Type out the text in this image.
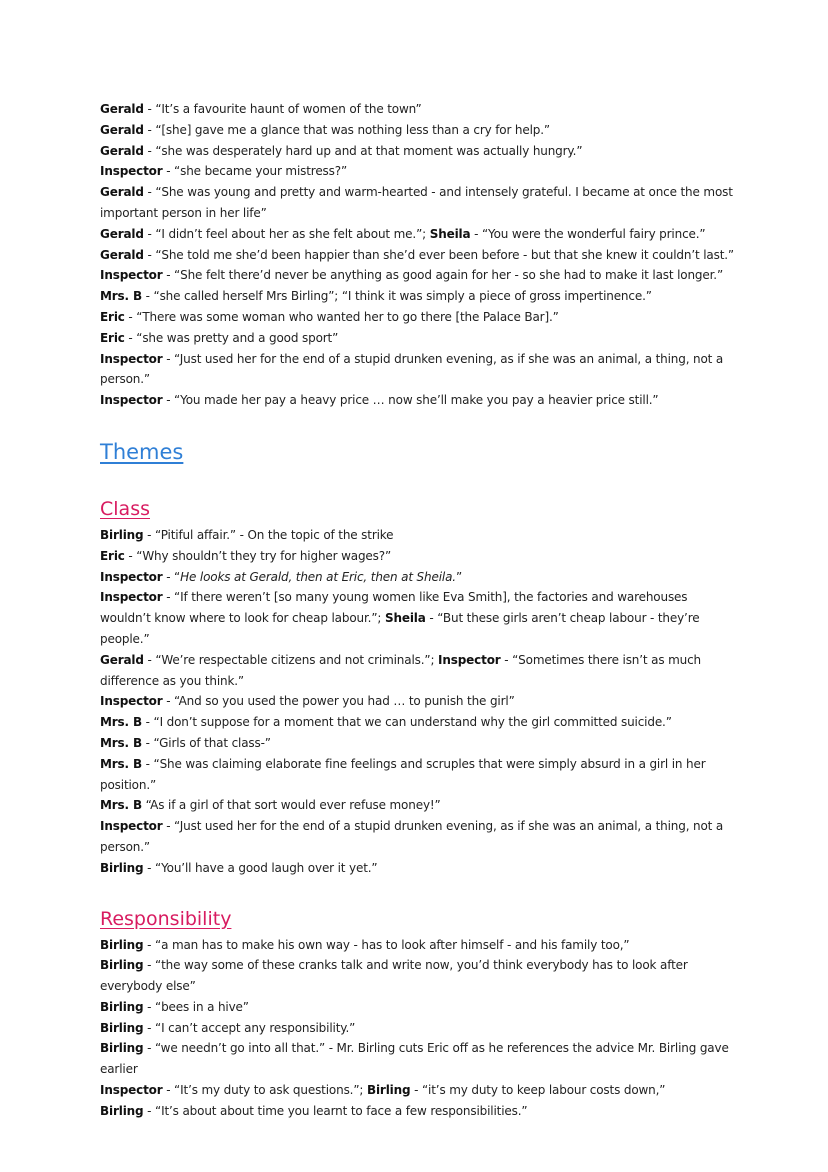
Gerald - “It’s a favourite haunt of women of the town”
Gerald - “[she] gave me a glance that was nothing less than a cry for help.”
Gerald - “she was desperately hard up and at that moment was actually hungry.”
Inspector - “she became your mistress?”
Gerald - “She was young and pretty and warm-hearted - and intensely grateful. I became at once the most important person in her life”
Gerald - “I didn’t feel about her as she felt about me.”; Sheila - “You were the wonderful fairy prince.”
Gerald - “She told me she’d been happier than she’d ever been before - but that she knew it couldn’t last.”
Inspector - “She felt there’d never be anything as good again for her - so she had to make it last longer.”
Mrs. B - “she called herself Mrs Birling”; “I think it was simply a piece of gross impertinence.”
Eric - “There was some woman who wanted her to go there [the Palace Bar].”
Eric - “she was pretty and a good sport”
Inspector - “Just used her for the end of a stupid drunken evening, as if she was an animal, a thing, not a person.”
Inspector - “You made her pay a heavy price … now she’ll make you pay a heavier price still.”
Themes
Class
Birling - “Pitiful affair.” - On the topic of the strike
Eric - “Why shouldn’t they try for higher wages?”
Inspector - “He looks at Gerald, then at Eric, then at Sheila.”
Inspector - “If there weren’t [so many young women like Eva Smith], the factories and warehouses wouldn’t know where to look for cheap labour.”; Sheila - “But these girls aren’t cheap labour - they’re people.”
Gerald - “We’re respectable citizens and not criminals.”; Inspector - “Sometimes there isn’t as much difference as you think.”
Inspector - “And so you used the power you had … to punish the girl”
Mrs. B - “I don’t suppose for a moment that we can understand why the girl committed suicide.”
Mrs. B - “Girls of that class-”
Mrs. B - “She was claiming elaborate fine feelings and scruples that were simply absurd in a girl in her position.”
Mrs. B “As if a girl of that sort would ever refuse money!”
Inspector - “Just used her for the end of a stupid drunken evening, as if she was an animal, a thing, not a person.”
Birling - “You’ll have a good laugh over it yet.”
Responsibility
Birling - “a man has to make his own way - has to look after himself - and his family too,”
Birling - “the way some of these cranks talk and write now, you’d think everybody has to look after everybody else”
Birling - “bees in a hive”
Birling - “I can’t accept any responsibility.”
Birling - “we needn’t go into all that.” - Mr. Birling cuts Eric off as he references the advice Mr. Birling gave earlier
Inspector - “It’s my duty to ask questions.”; Birling - “it’s my duty to keep labour costs down,”
Birling - “It’s about about time you learnt to face a few responsibilities.”
